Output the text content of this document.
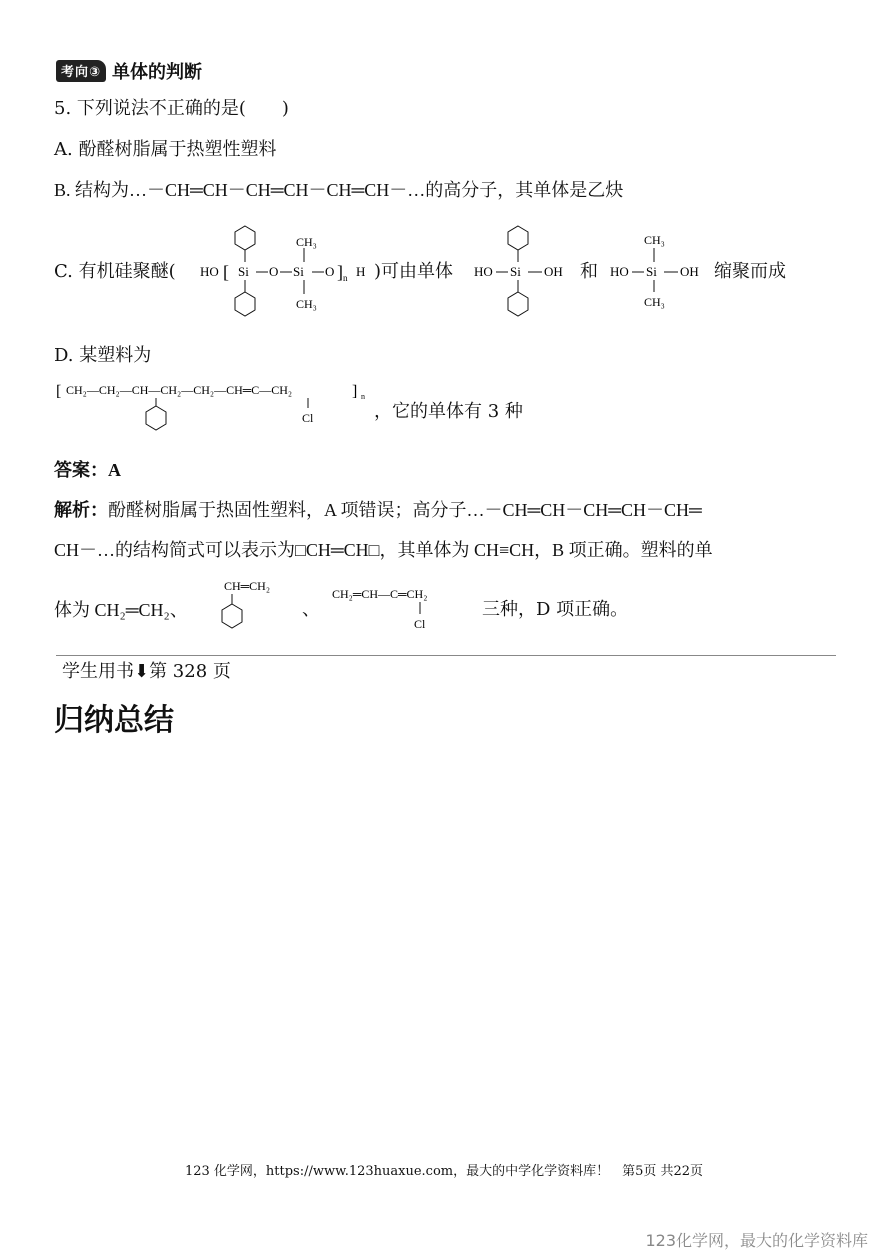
考向③ 单体的判断
5. 下列说法不正确的是(　　)
A. 酚醛树脂属于热塑性塑料
B. 结构为…－CH═CH－CH═CH－CH═CH－…的高分子，其单体是乙炔
C. 有机硅聚醚( HO [ Si O Si
CH₃
CH₃
O ] n H )可由单体 HO Si OH 和
CH₃
HO Si OH
CH₃
缩聚而成
D. 某塑料为
[ CH₂—CH₂—CH—CH₂—CH₂—CH═C—CH₂	] n
Cl	，它的单体有 3 种
答案：A
解析：酚醛树脂属于热固性塑料，A 项错误；高分子…－CH═CH－CH═CH－CH═
CH－…的结构简式可以表示为□CH═CH□，其单体为 CH≡CH，B 项正确。塑料的单
体为 CH₂═CH₂、
CH═CH₂
、
CH₂═CH—C═CH₂
Cl
三种，D 项正确。
学生用书⬇第 328 页
归纳总结
123 化学网，https://www.123huaxue.com，最大的中学化学资料库！　第5页 共22页
123化学网，最大的化学资料库
